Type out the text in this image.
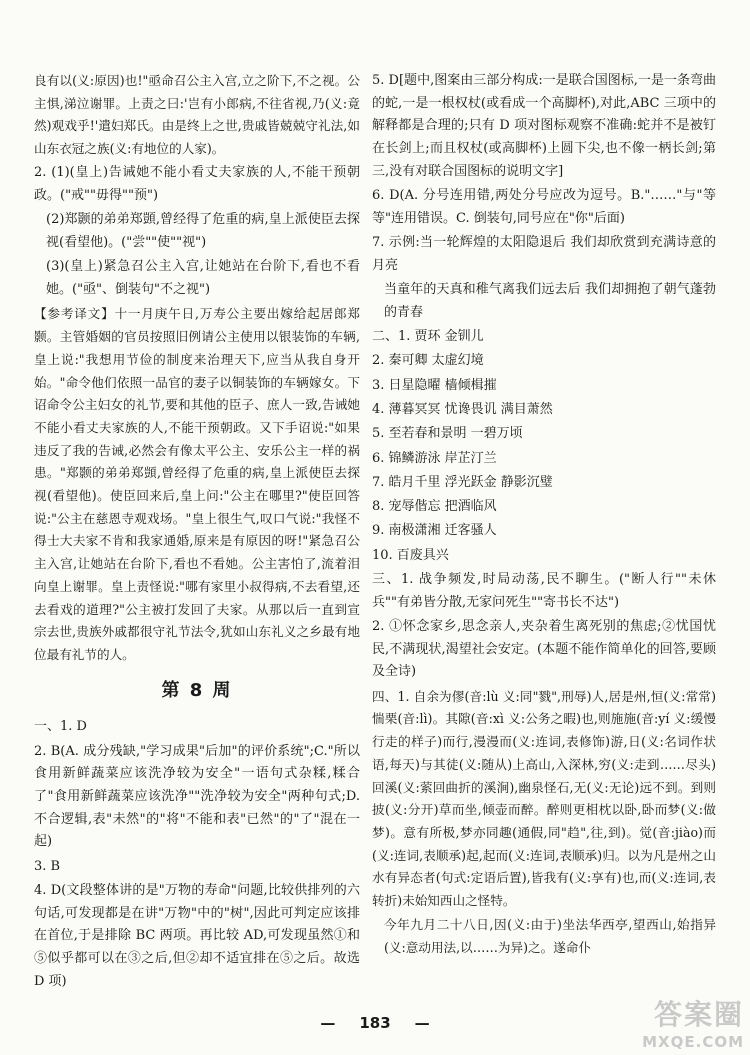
良有以(义:原因)也!"亟命召公主入宫,立之阶下,不之视。公主惧,涕泣谢罪。上责之曰:'岂有小郎病,不往省视,乃(义:竟然)观戏乎!'遣妇郑氏。由是终上之世,贵戚皆兢兢守礼法,如山东衣冠之族(义:有地位的人家)。
2. (1)(皇上)告诫她不能小看丈夫家族的人,不能干预朝政。("戒""毋得""预")
(2)郑颢的弟弟郑顗,曾经得了危重的病,皇上派使臣去探视(看望他)。("尝""使""视")
(3)(皇上)紧急召公主入宫,让她站在台阶下,看也不看她。("亟"、倒装句"不之视")
【参考译文】十一月庚午日,万寿公主要出嫁给起居郎郑颢。主管婚姻的官员按照旧例请公主使用以银装饰的车辆,皇上说:"我想用节俭的制度来治理天下,应当从我自身开始。"命令他们依照一品官的妻子以铜装饰的车辆嫁女。下诏命令公主妇女的礼节,要和其他的臣子、庶人一致,告诫她不能小看丈夫家族的人,不能干预朝政。又下手诏说:"如果违反了我的告诫,必然会有像太平公主、安乐公主一样的祸患。"郑颢的弟弟郑顗,曾经得了危重的病,皇上派使臣去探视(看望他)。使臣回来后,皇上问:"公主在哪里?"使臣回答说:"公主在慈恩寺观戏场。"皇上很生气,叹口气说:"我怪不得士大夫家不肯和我家通婚,原来是有原因的呀!"紧急召公主入宫,让她站在台阶下,看也不看她。公主害怕了,流着泪向皇上谢罪。皇上责怪说:"哪有家里小叔得病,不去看望,还去看戏的道理?"公主被打发回了夫家。从那以后一直到宣宗去世,贵族外戚都很守礼节法令,犹如山东礼义之乡最有地位最有礼节的人。
第 8 周
一、1. D
2. B(A. 成分残缺,"学习成果"后加"的评价系统";C."所以食用新鲜蔬菜应该洗净较为安全"一语句式杂糅,糅合了"食用新鲜蔬菜应该洗净""洗净较为安全"两种句式;D. 不合逻辑,表"未然"的"将"不能和表"已然"的"了"混在一起)
3. B
4. D(文段整体讲的是"万物的寿命"问题,比较供排列的六句话,可发现都是在讲"万物"中的"树",因此可判定应该排在首位,于是排除 BC 两项。再比较 AD,可发现虽然①和⑤似乎都可以在③之后,但②却不适宜排在⑤之后。故选 D 项)
5. D[题中,图案由三部分构成:一是联合国图标,一是一条弯曲的蛇,一是一根权杖(或看成一个高脚杯),对此,ABC 三项中的解释都是合理的;只有 D 项对图标观察不准确:蛇并不是被钉在长剑上;而且权杖(或高脚杯)上圆下尖,也不像一柄长剑;第三,没有对联合国图标的说明文字]
6. D(A. 分号连用错,两处分号应改为逗号。B."……"与"等等"连用错误。C. 倒装句,同号应在"你"后面)
7. 示例:当一轮辉煌的太阳隐退后 我们却欣赏到充满诗意的月亮
当童年的天真和稚气离我们远去后 我们却拥抱了朝气蓬勃的青春
二、1. 贾环 金钏儿
2. 秦可卿 太虚幻境
3. 日星隐曜 樯倾楫摧
4. 薄暮冥冥 忧谗畏讥 满目萧然
5. 至若春和景明 一碧万顷
6. 锦鳞游泳 岸芷汀兰
7. 皓月千里 浮光跃金 静影沉璧
8. 宠辱偕忘 把酒临风
9. 南极潇湘 迁客骚人
10. 百废具兴
三、1. 战争频发,时局动荡,民不聊生。("断人行""未休兵""有弟皆分散,无家问死生""寄书长不达")
2. ①怀念家乡,思念亲人,夹杂着生离死别的焦虑;②忧国忧民,不满现状,渴望社会安定。(本题不能作简单化的回答,要顾及全诗)
四、1. 自余为僇(音:lù 义:同"戮",刑辱)人,居是州,恒(义:常常)惴栗(音:lì)。其隙(音:xì 义:公务之暇)也,则施施(音:yí 义:缓慢行走的样子)而行,漫漫而(义:连词,表修饰)游,日(义:名词作状语,每天)与其徒(义:随从)上高山,入深林,穷(义:走到……尽头)回溪(义:萦回曲折的溪涧),幽泉怪石,无(义:无论)远不到。到则披(义:分开)草而坐,倾壶而醉。醉则更相枕以卧,卧而梦(义:做梦)。意有所极,梦亦同趣(通假,同"趋",往,到)。觉(音:jiào)而(义:连词,表顺承)起,起而(义:连词,表顺承)归。以为凡是州之山水有异态者(句式:定语后置),皆我有(义:享有)也,而(义:连词,表转折)未始知西山之怪特。
今年九月二十八日,因(义:由于)坐法华西亭,望西山,始指异(义:意动用法,以……为异)之。遂命仆
— 183 —	答案圈
MXQE.COM
